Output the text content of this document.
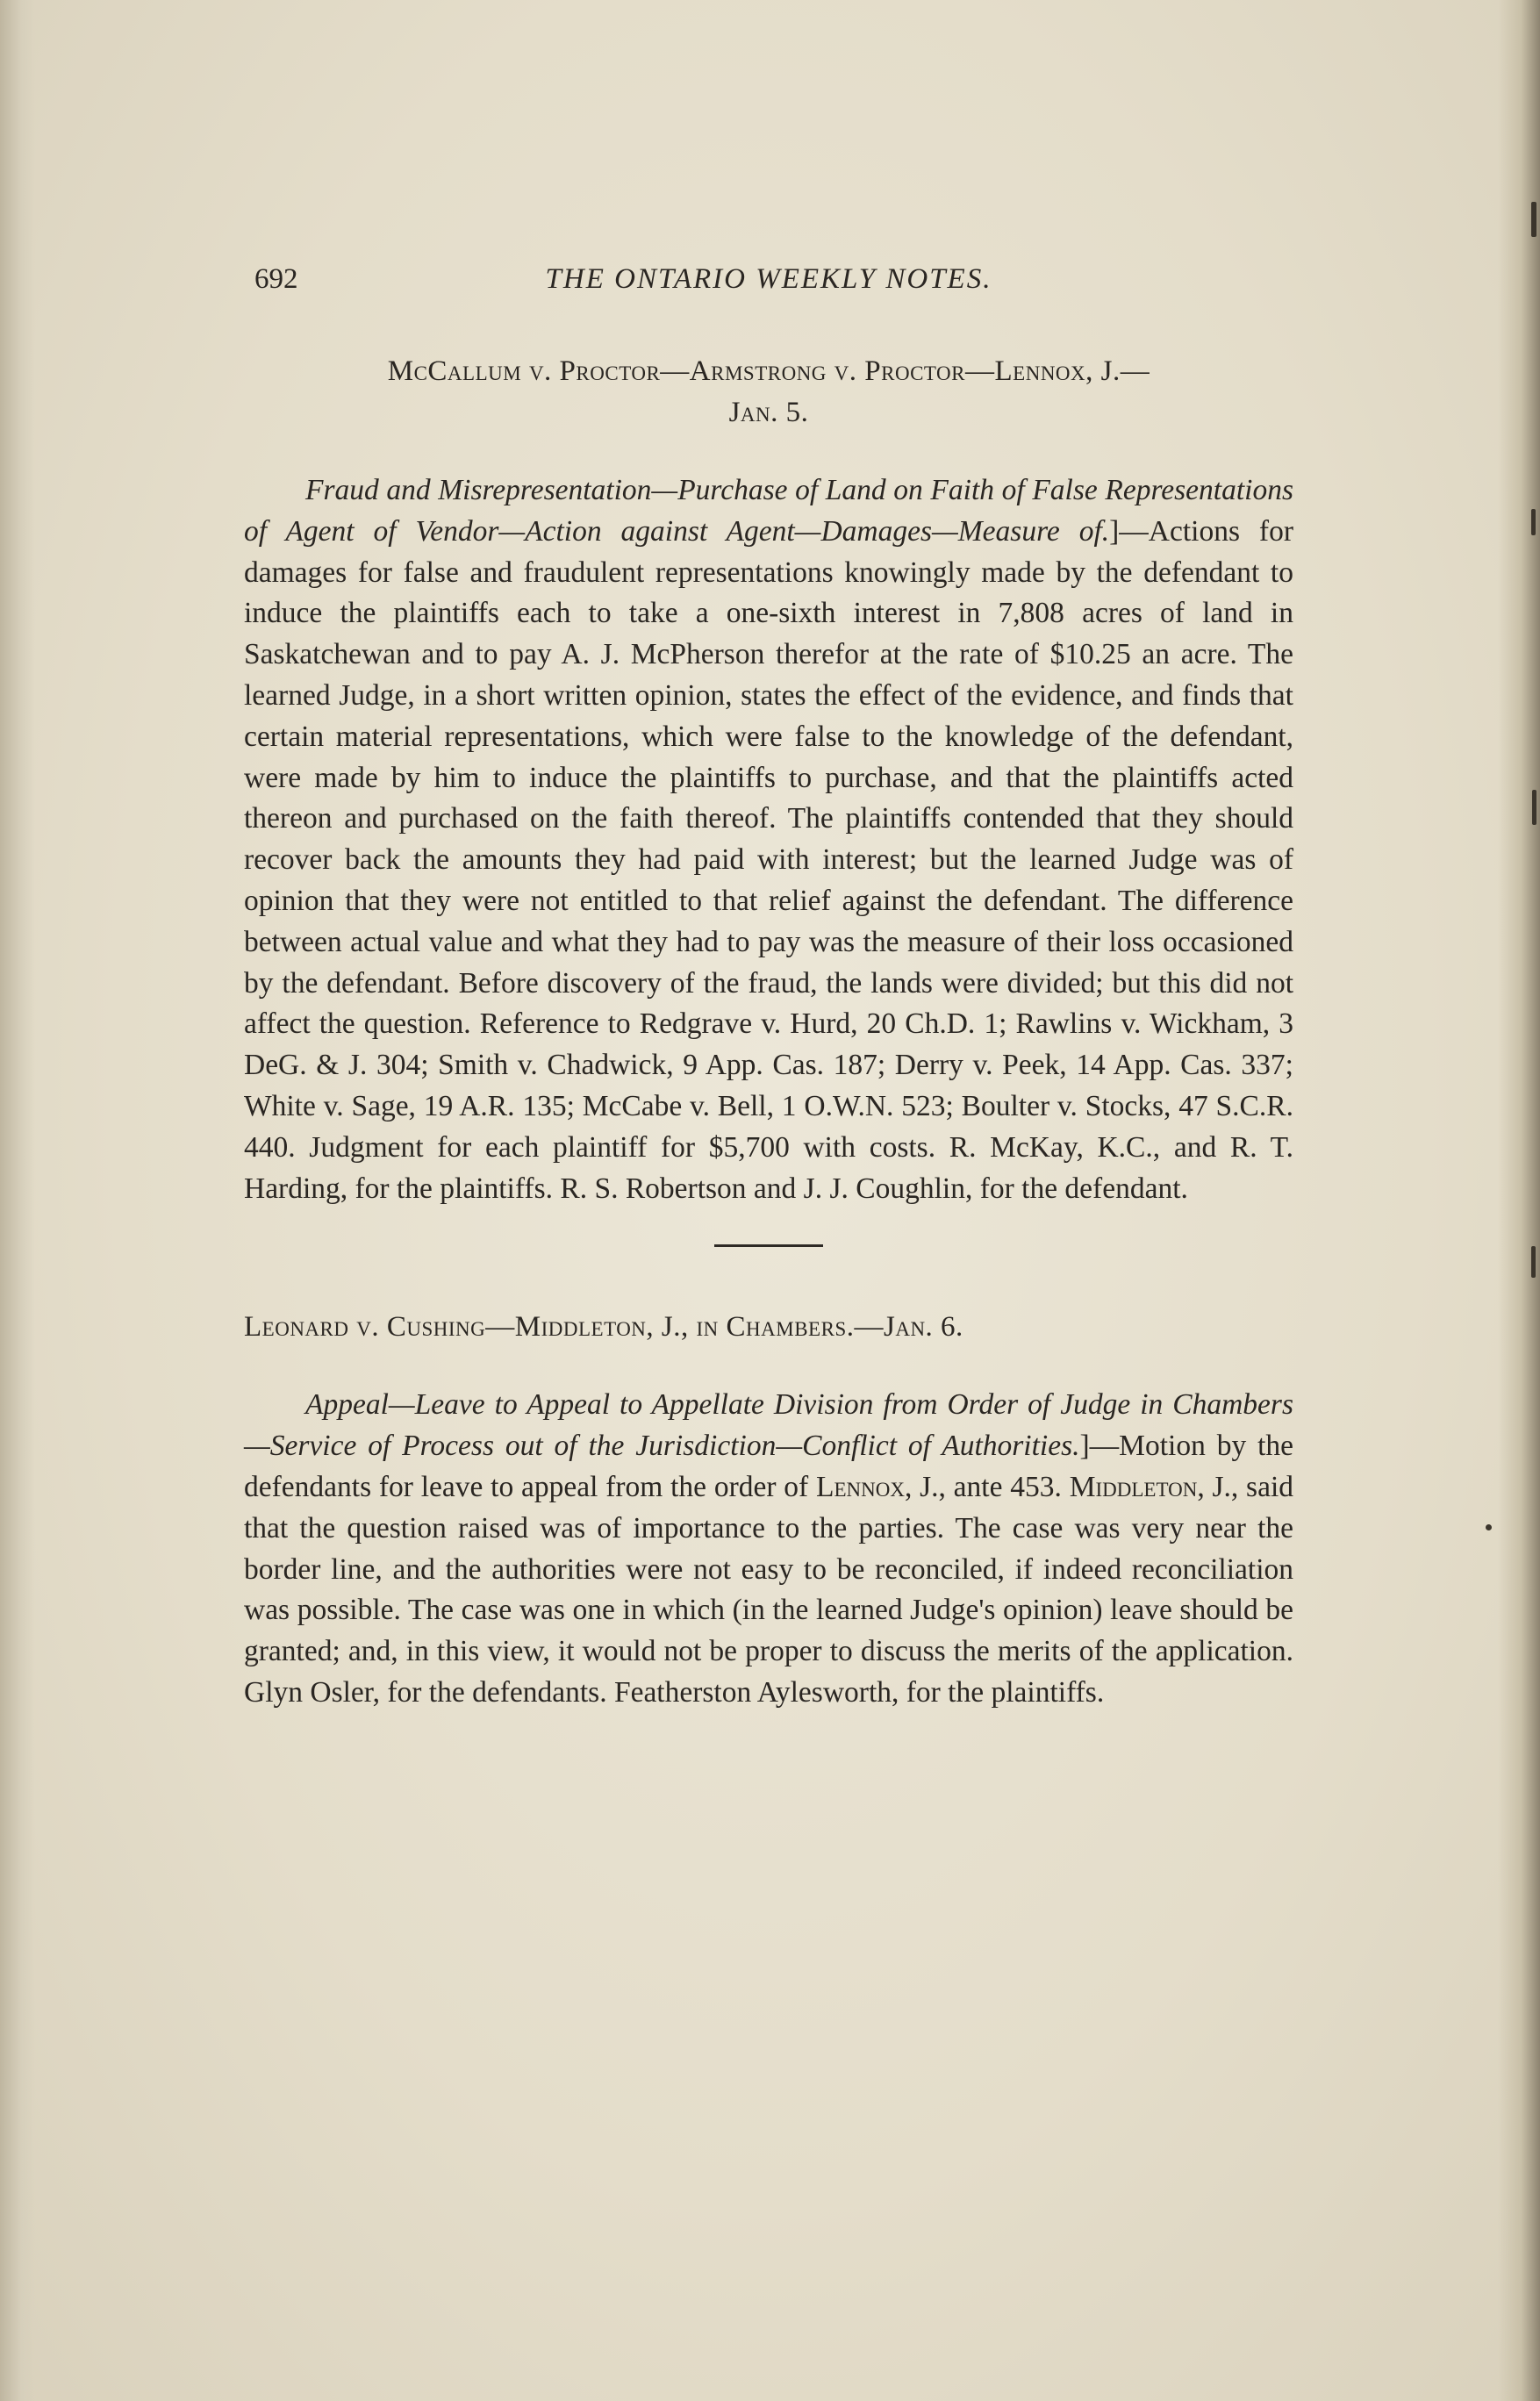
692	THE ONTARIO WEEKLY NOTES.
McCallum v. Proctor—Armstrong v. Proctor—Lennox, J.—
Jan. 5.

Fraud and Misrepresentation—Purchase of Land on Faith of False Representations of Agent of Vendor—Action against Agent—Damages—Measure of.]—Actions for damages for false and fraudulent representations knowingly made by the defendant to induce the plaintiffs each to take a one-sixth interest in 7,808 acres of land in Saskatchewan and to pay A. J. McPherson therefor at the rate of $10.25 an acre. The learned Judge, in a short written opinion, states the effect of the evidence, and finds that certain material representations, which were false to the knowledge of the defendant, were made by him to induce the plaintiffs to purchase, and that the plaintiffs acted thereon and purchased on the faith thereof. The plaintiffs contended that they should recover back the amounts they had paid with interest; but the learned Judge was of opinion that they were not entitled to that relief against the defendant. The difference between actual value and what they had to pay was the measure of their loss occasioned by the defendant. Before discovery of the fraud, the lands were divided; but this did not affect the question. Reference to Redgrave v. Hurd, 20 Ch.D. 1; Rawlins v. Wickham, 3 DeG. & J. 304; Smith v. Chadwick, 9 App. Cas. 187; Derry v. Peek, 14 App. Cas. 337; White v. Sage, 19 A.R. 135; McCabe v. Bell, 1 O.W.N. 523; Boulter v. Stocks, 47 S.C.R. 440. Judgment for each plaintiff for $5,700 with costs. R. McKay, K.C., and R. T. Harding, for the plaintiffs. R. S. Robertson and J. J. Coughlin, for the defendant.

Leonard v. Cushing—Middleton, J., in Chambers.—Jan. 6.

Appeal—Leave to Appeal to Appellate Division from Order of Judge in Chambers—Service of Process out of the Jurisdiction—Conflict of Authorities.]—Motion by the defendants for leave to appeal from the order of Lennox, J., ante 453. Middleton, J., said that the question raised was of importance to the parties. The case was very near the border line, and the authorities were not easy to be reconciled, if indeed reconciliation was possible. The case was one in which (in the learned Judge's opinion) leave should be granted; and, in this view, it would not be proper to discuss the merits of the application. Glyn Osler, for the defendants. Featherston Aylesworth, for the plaintiffs.
